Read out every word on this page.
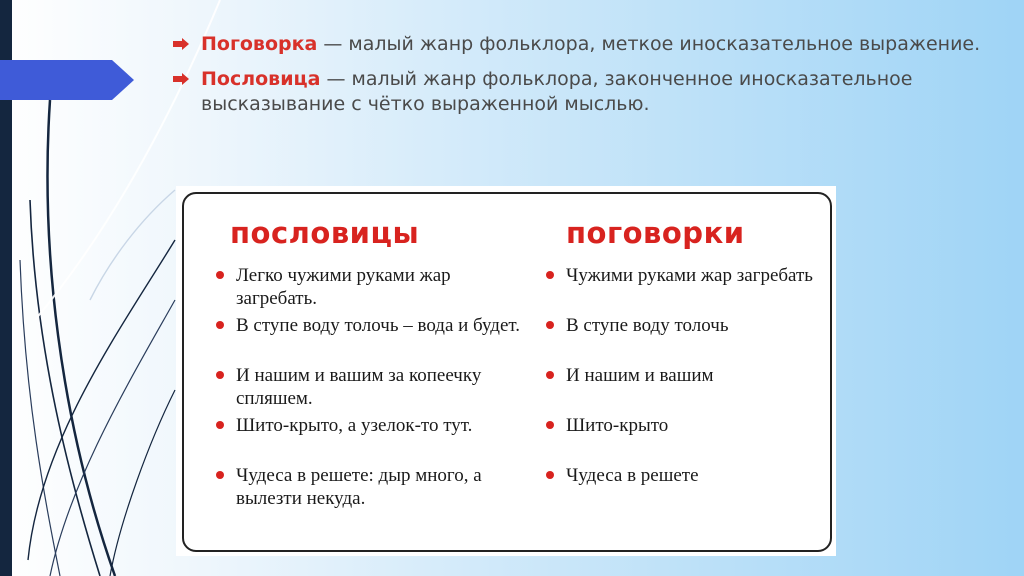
Поговорка — малый жанр фольклора, меткое иносказательное выражение.
Пословица — малый жанр фольклора, законченное иносказательное высказывание с чётко выраженной мыслью.
пословицы
Легко чужими руками жар загребать.
В ступе воду толочь – вода и будет.
И нашим и вашим за копеечку спляшем.
Шито-крыто, а узелок-то тут.
Чудеса в решете: дыр много, а вылезти некуда.
поговорки
Чужими руками жар загребать
В ступе воду толочь
И нашим и вашим
Шито-крыто
Чудеса в решете
